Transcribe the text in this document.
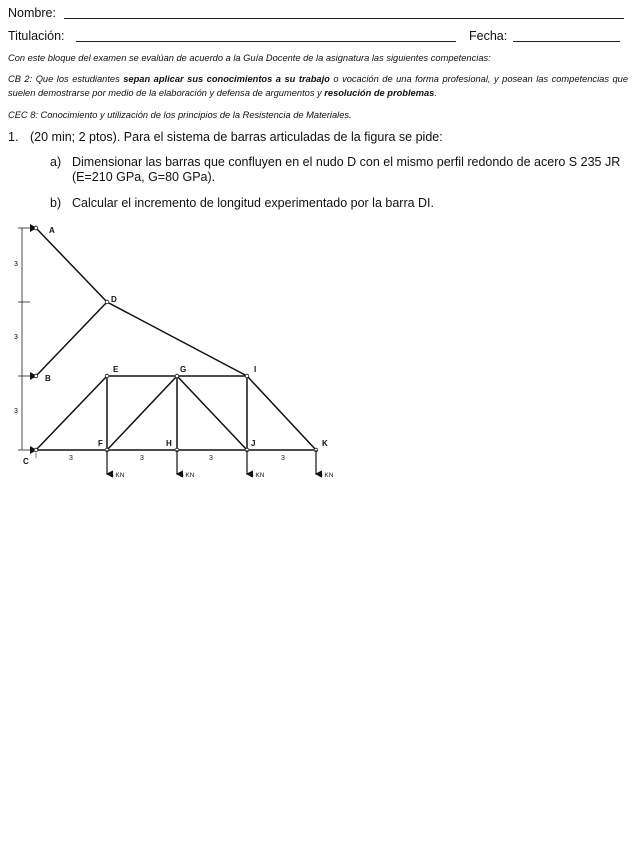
Nombre:
Titulación:	Fecha:
Con este bloque del examen se evalúan de acuerdo a la Guía Docente de la asignatura las siguientes competencias:
CB 2: Que los estudiantes sepan aplicar sus conocimientos a su trabajo o vocación de una forma profesional, y posean las competencias que suelen demostrarse por medio de la elaboración y defensa de argumentos y resolución de problemas.
CEC 8: Conocimiento y utilización de los principios de la Resistencia de Materiales.
1. (20 min; 2 ptos). Para el sistema de barras articuladas de la figura se pide:
a) Dimensionar las barras que confluyen en el nudo D con el mismo perfil redondo de acero S 235 JR (E=210 GPa, G=80 GPa).
b) Calcular el incremento de longitud experimentado por la barra DI.
3
3
3
A
B
C
D
E
F
G
H
I
J	K
3	3	3	3
5 KN	5 KN	5 KN	5 KN
